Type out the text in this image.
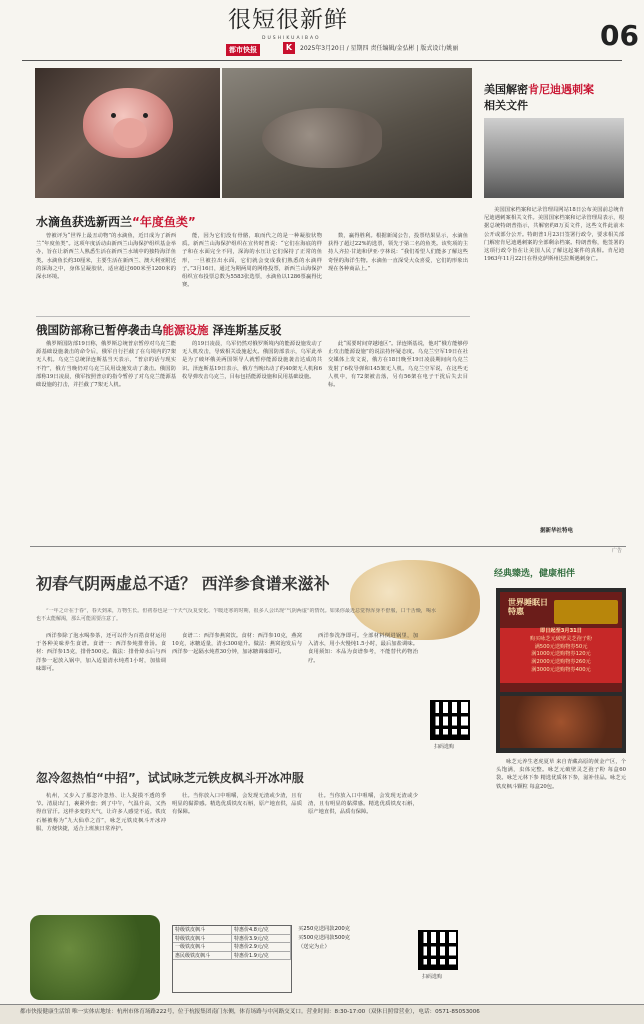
很短很新鲜
DUSHIKUAIBAO
都市快报	K	2025年3月20日 / 星期四 责任编辑/金弘彬 | 版式设计/姚丽	06
水滴鱼获选新西兰“年度鱼类”

曾被评为“世界上最丑动物”的水滴鱼，近日成为了新西兰“年度鱼类”。这项年度活动由新西兰山海保护组织基金举办，旨在让新西兰人熟悉生活在新西兰水域中的独特海洋鱼类。水滴鱼长约30厘米，主要生活在新西兰、澳大利亚附近的深海之中，身体呈凝胶状，适应超过600米至1200米的深水环境。

能，因为它们没有骨骼，取而代之的是一种凝胶状物质。新西兰山海保护组织在宣传时曾说：“它们在海底的样子和在水面完全不同，深海的水压让它们保持了正常的鱼形，一旦被拉出水面，它们就会变成我们熟悉的水滴样子。”3月16日，通过为期两周的网络投票，新西兰山海保护组织宣布投票总数为5583张选票，水滴鱼以1286票赢得比赛。

数，赢得胜利。根据新闻公告，投票结果显示，水滴鱼获得了超过22%的选票，领先于第二名的鱼类。该奖项的主持人齐拉·甘迪和伊亚·亨林说：“我们希望人们能多了解这些奇怪的海洋生物。水滴鱼一直深受大众喜爱，它们的形象出现在各种商品上。”

俄国防部称已暂停袭击乌能源设施 泽连斯基反驳

俄罗斯国防部19日称，俄罗斯总统普京暂停对乌克兰能源基础设施袭击的命令后，俄军自行拦截了在乌境内的7架无人机。乌克兰总统泽连斯基当天表示，“普京的话与现实不符”，俄方当晚仍对乌克兰民用设施发动了袭击。俄国防部称19日凌晨，俄军按照普京的指令暂停了对乌克兰能源基础设施的打击，并拦截了7架无人机。

的19日凌晨，乌军仍然对俄罗斯境内的能源设施发动了无人机攻击，导致相关设施起火。俄国防部表示，乌军此举是为了破坏俄美两国领导人就暂停能源设施袭击达成的共识。泽连斯基19日表示，俄方当晚出动了约40架无人机和6枚导弹攻击乌克兰，目标包括能源设施和民用基础设施。

此“需要时间穿越地区”。泽连斯基说，他对“俄方能够停止攻击能源设施”的说法持怀疑态度。乌克兰空军19日在社交媒体上发文说，俄方在18日晚至19日凌晨期间向乌克兰发射了6枚导弹和145架无人机。乌克兰空军说，在这些无人机中，有72架被击落，另有56架在电子干扰后失去目标。

美国解密肯尼迪遇刺案
相关文件

美国国家档案和记录管理局网站18日公布美国前总统肯尼迪遇刺案相关文件。美国国家档案和记录管理局表示，根据总统特朗普指示，共解密约8万页文件，这些文件此前未公开或部分公开。特朗普1月23日签署行政令，要求相关部门解密肯尼迪遇刺案的全部剩余档案。特朗普称，他签署的这项行政令旨在让美国人民了解这起案件的真相。肯尼迪1963年11月22日在得克萨斯州达拉斯遇刺身亡。

据新华社特电
广告
初春气阴两虚总不适？ 西洋参食谱来滋补

“一年之计在于春”，春天到来，万物生长。但初春也是一个天气反复变化、乍暖还寒的时期，很多人会出现“气阴两虚”的情况。如果你最近总觉得浑身不舒服，口干舌燥，喝水也不太能解渴，那么可能需要注意了。

西洋参除了泡水喝参茶，还可以作为百搭食材运用于各种美味养生食谱。食谱一：西洋参炖排骨汤。食材：西洋参15克，排骨500克。做法：排骨焯水后与西洋参一起放入锅中，加入适量清水炖煮1小时，加盐调味即可。

食谱二：西洋参燕窝饮。食材：西洋参10克，燕窝10克，冰糖适量，清水300毫升。做法：燕窝泡发后与西洋参一起隔水炖煮30分钟，加冰糖调味即可。

西洋参洗净即可。全部材料倒进锅里，加入清水，用小火慢炖1.5小时，最后加盐调味。食用须知：本品为食谱参考，不能替代药物治疗。

扫码选购
忽冷忽热怕“中招”，试试咏芝元铁皮枫斗开冰冲服

杭州，又步入了那忽冷忽热、让人捉摸不透的季节。清晨出门，裹紧外套；到了中午，气温升高，又热得直冒汗。这样多变的天气，让许多人感觉不适。铁皮石斛被称为“九大仙草之首”，咏芝元铁皮枫斗开冰冲服，方便快捷，适合上班族日常养护。

壮。当你放入口中咀嚼，会发现无渣或少渣，且有明显的黏滞感。精选优质铁皮石斛，原产地直供，品质有保障。

壮。当你放入口中咀嚼，会发现无渣或少渣，且有明显的黏滞感。精选优质铁皮石斛，原产地直供，品质有保障。

特级铁皮枫斗	特惠价4.8元/克
特级铁皮枫斗	特惠价3.9元/克
一级铁皮枫斗	特惠价2.9元/克
惠民级铁皮枫斗	特惠价1.9元/克
买250克送同款200克
买500克送同款500克
（送完为止）
扫码选购
经典臻选，健康相伴
世界睡眠日特惠
即日起至3月31日
购买咏芝元破壁灵芝孢子粉
满500元送购物券50元
满1000元送购物券120元
满2000元送购物券260元
满3000元送购物券400元

咏芝元养生老虎夏草 来自青藏高原的黄金产区，个头饱满，虫体完整。咏芝元破壁灵芝孢子粉 每盒60袋。咏芝元林下参 精选优质林下参，滋补佳品。咏芝元铁皮枫斗颗粒 每盒20包。

都市快报健康生活馆 唯一实体店地址：杭州市体育场路222号，位于杭报集团南门东侧，体育场路与中河路交叉口。营业时间：8:30-17:00（双休日照常营业），电话：0571-85053006
